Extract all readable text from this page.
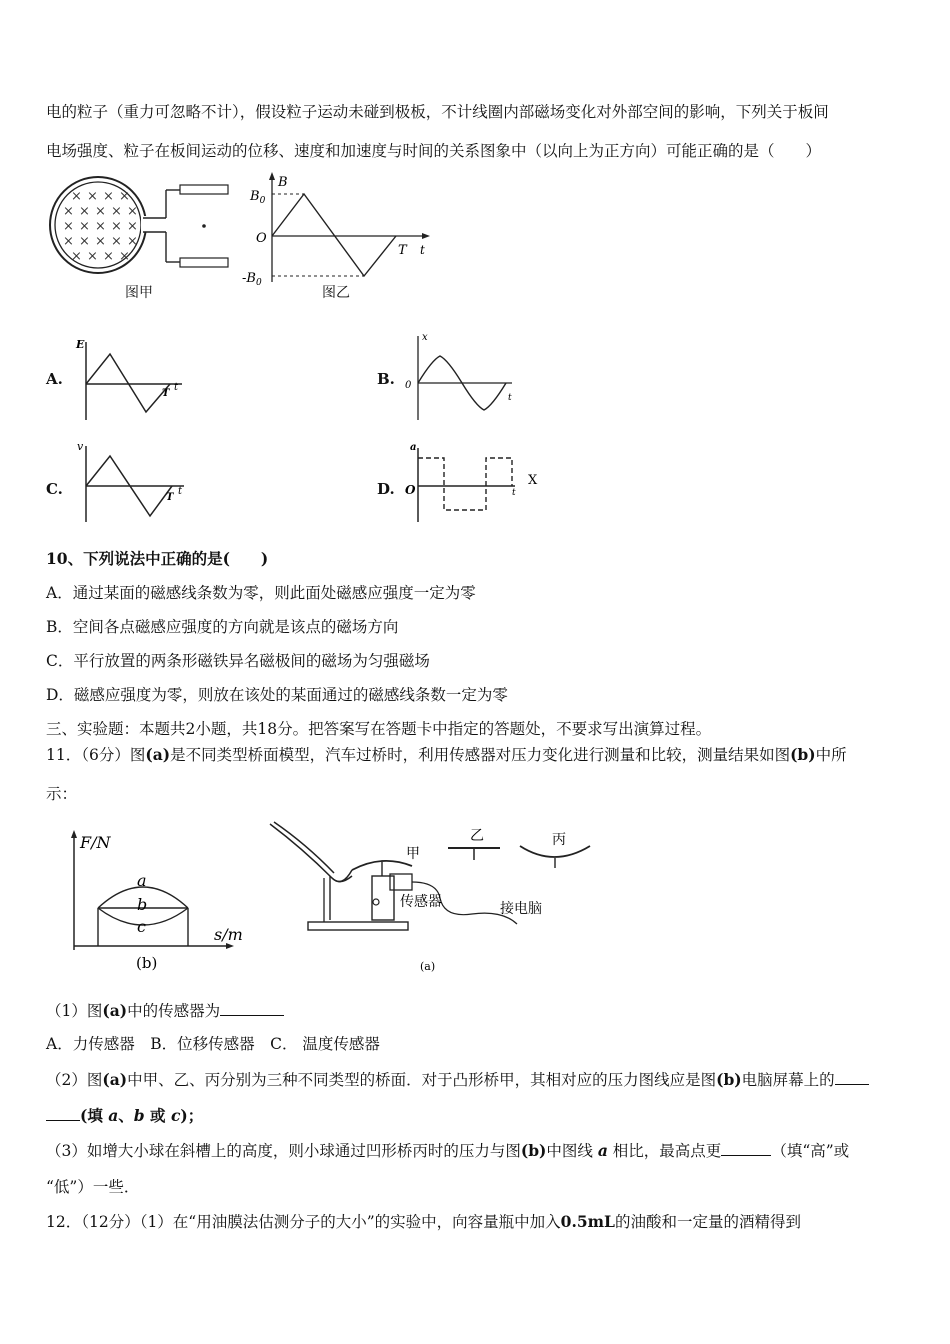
电的粒子（重力可忽略不计），假设粒子运动未碰到极板，不计线圈内部磁场变化对外部空间的影响，下列关于板间
电场强度、粒子在板间运动的位移、速度和加速度与时间的关系图象中（以向上为正方向）可能正确的是（　　）
× × × ×
× × × × ×
× × × × ×
× × × × ×
× × × ×
图甲
B
$B_0$
O
$-B_0$
T t
图乙
A.
E
T
t	B.
x
0
t
C.
v
T
t	D.
a
O	t
X
10、下列说法中正确的是(　　)
A．通过某面的磁感线条数为零，则此面处磁感应强度一定为零
B．空间各点磁感应强度的方向就是该点的磁场方向
C．平行放置的两条形磁铁异名磁极间的磁场为匀强磁场
D．磁感应强度为零，则放在该处的某面通过的磁感线条数一定为零
三、实验题：本题共2小题，共18分。把答案写在答题卡中指定的答题处，不要求写出演算过程。
11．（6分）图(a)是不同类型桥面模型，汽车过桥时，利用传感器对压力变化进行测量和比较，测量结果如图(b)中所
示：
F/N
s/m
a
b
c
(b)
甲
乙	丙
传感器	接电脑
(a)
（1）图(a)中的传感器为
A．力传感器　B．位移传感器　C． 温度传感器
（2）图(a)中甲、乙、丙分别为三种不同类型的桥面．对于凸形桥甲，其相对应的压力图线应是图(b)电脑屏幕上的
(填 a、b 或 c)；
（3）如增大小球在斜槽上的高度，则小球通过凹形桥丙时的压力与图(b)中图线 a 相比，最高点更	（填“高”或
“低”）一些．
12．（12分）（1）在“用油膜法估测分子的大小”的实验中，向容量瓶中加入0.5mL的油酸和一定量的酒精得到
